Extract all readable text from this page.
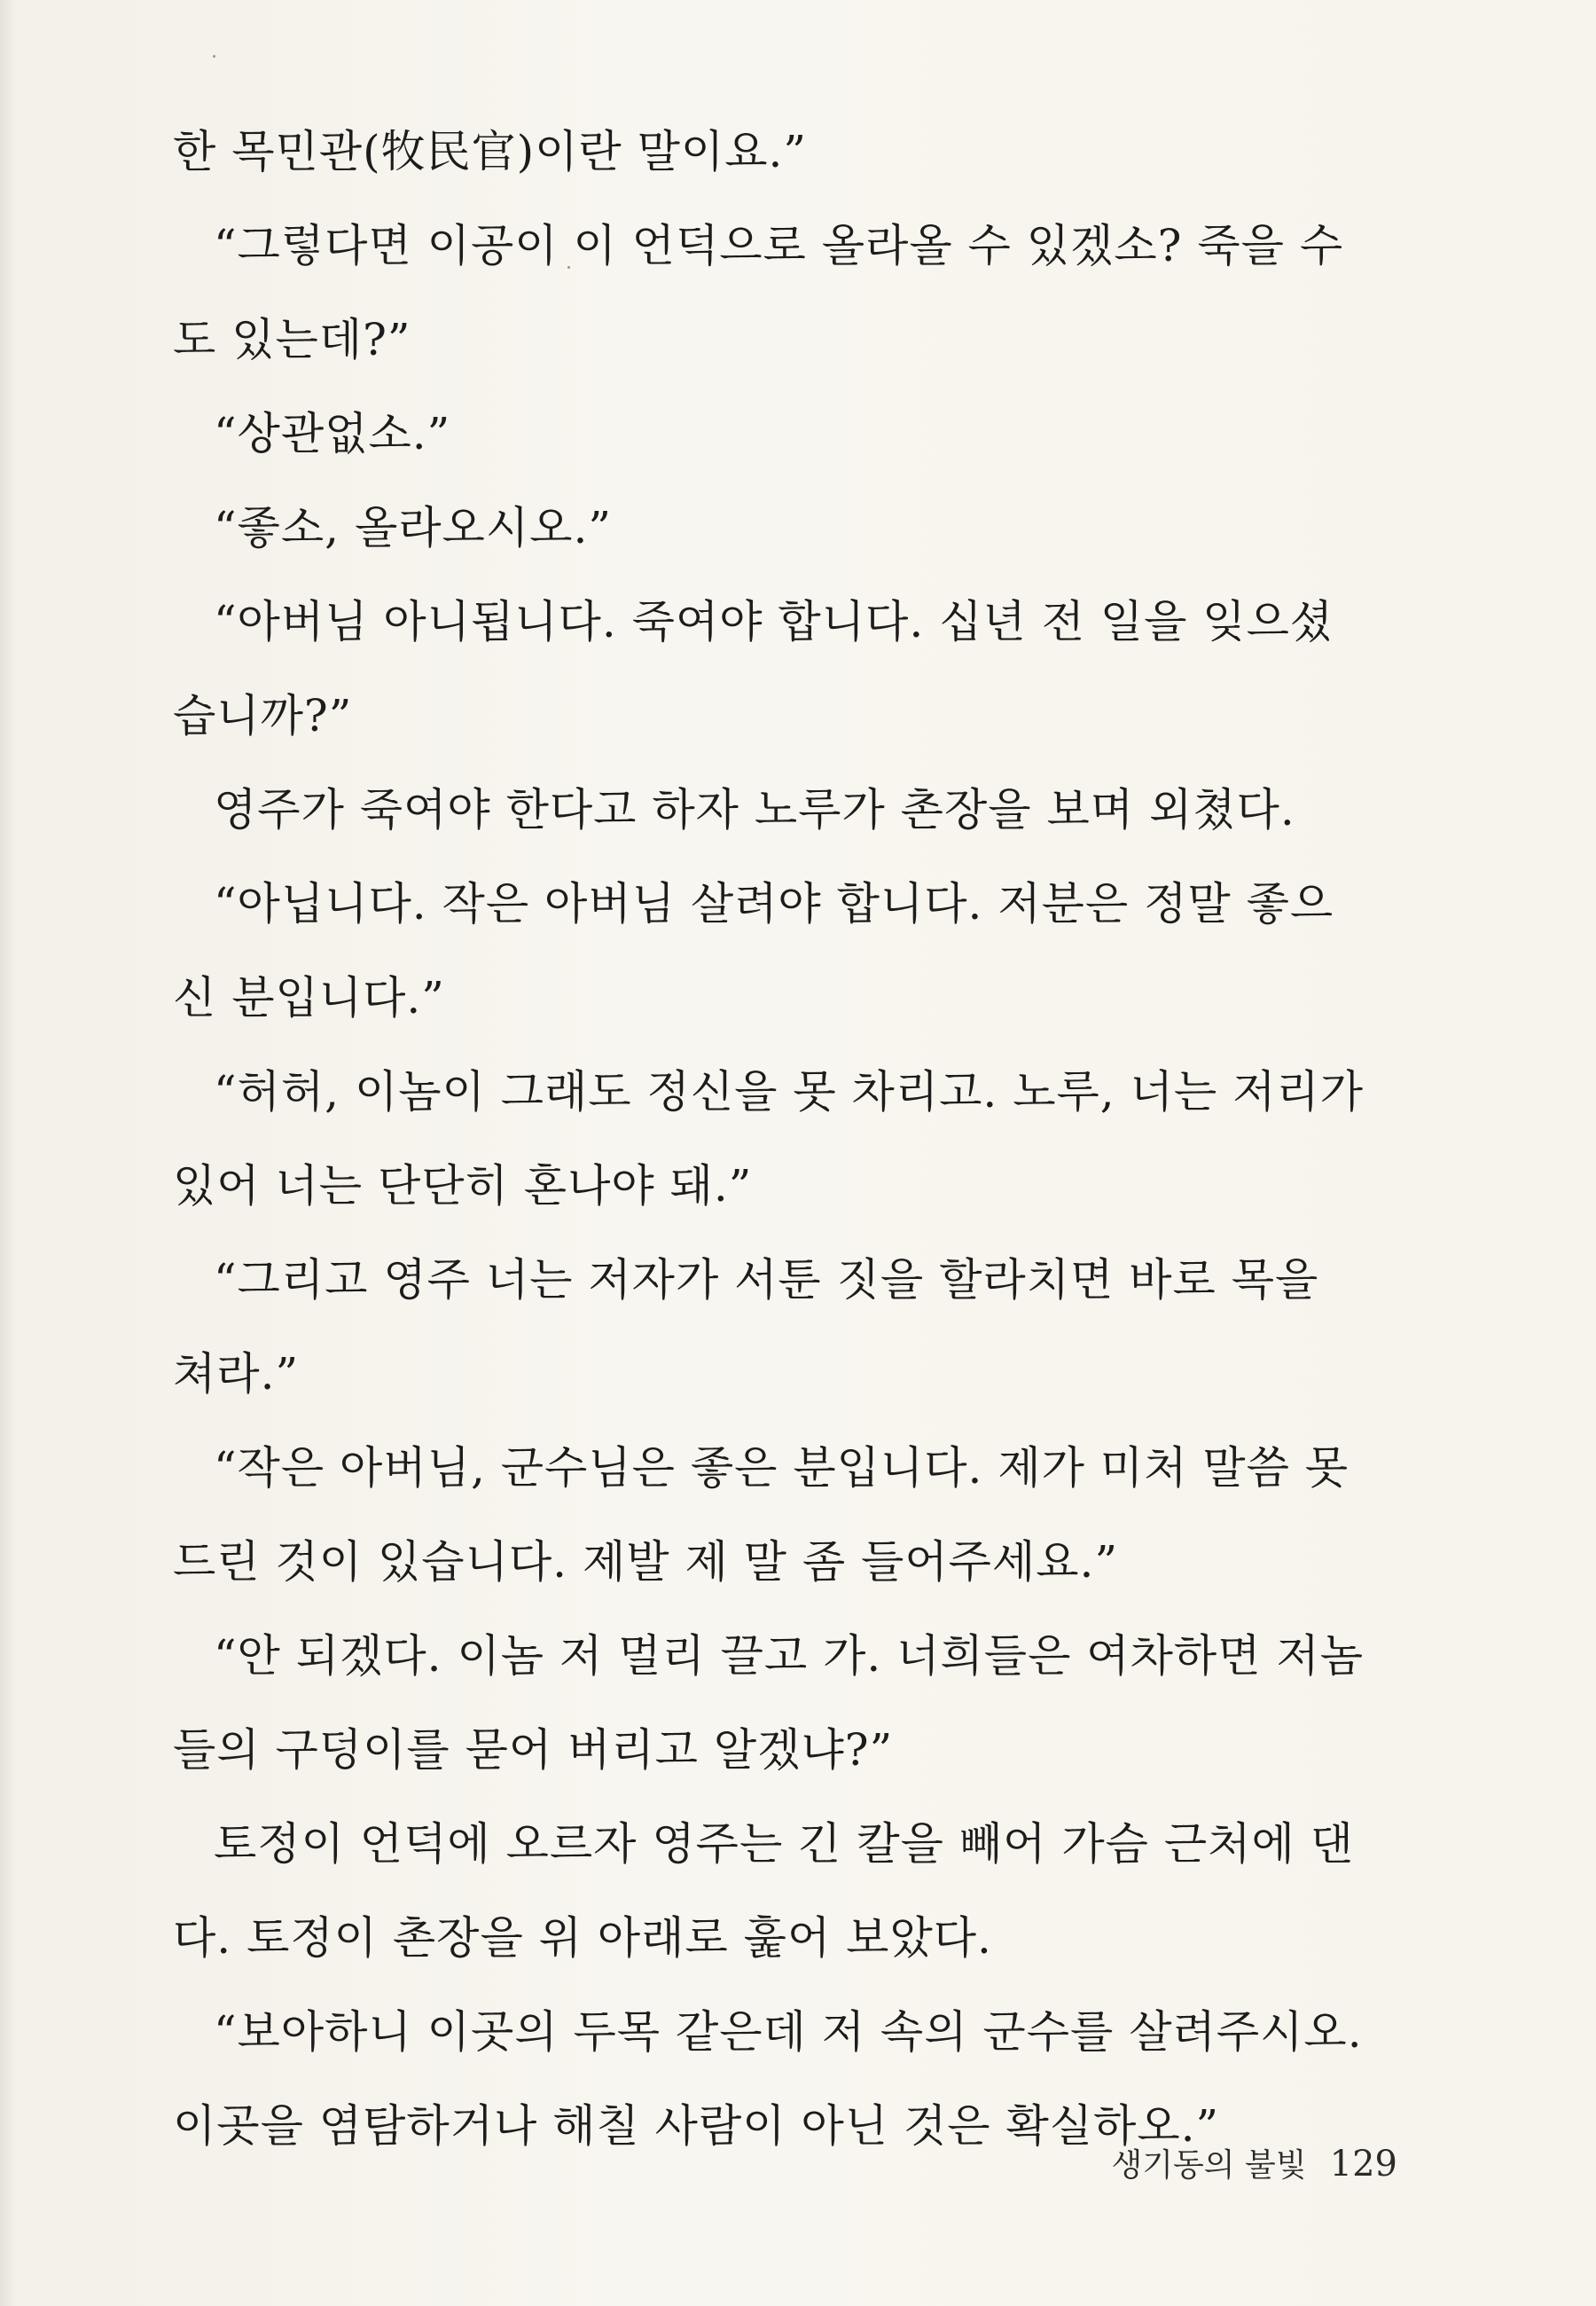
한 목민관(牧民官)이란 말이요.”
“그렇다면 이공이 이 언덕으로 올라올 수 있겠소? 죽을 수
도 있는데?”
“상관없소.”
“좋소, 올라오시오.”
“아버님 아니됩니다. 죽여야 합니다. 십년 전 일을 잊으셨
습니까?”
영주가 죽여야 한다고 하자 노루가 촌장을 보며 외쳤다.
“아닙니다. 작은 아버님 살려야 합니다. 저분은 정말 좋으
신 분입니다.”
“허허, 이놈이 그래도 정신을 못 차리고. 노루, 너는 저리가
있어 너는 단단히 혼나야 돼.”
“그리고 영주 너는 저자가 서툰 짓을 할라치면 바로 목을
쳐라.”
“작은 아버님, 군수님은 좋은 분입니다. 제가 미처 말씀 못
드린 것이 있습니다. 제발 제 말 좀 들어주세요.”
“안 되겠다. 이놈 저 멀리 끌고 가. 너희들은 여차하면 저놈
들의 구덩이를 묻어 버리고 알겠냐?”
토정이 언덕에 오르자 영주는 긴 칼을 빼어 가슴 근처에 댄
다. 토정이 촌장을 위 아래로 훑어 보았다.
“보아하니 이곳의 두목 같은데 저 속의 군수를 살려주시오.
이곳을 염탐하거나 해칠 사람이 아닌 것은 확실하오.”
생기동의 불빛 129
